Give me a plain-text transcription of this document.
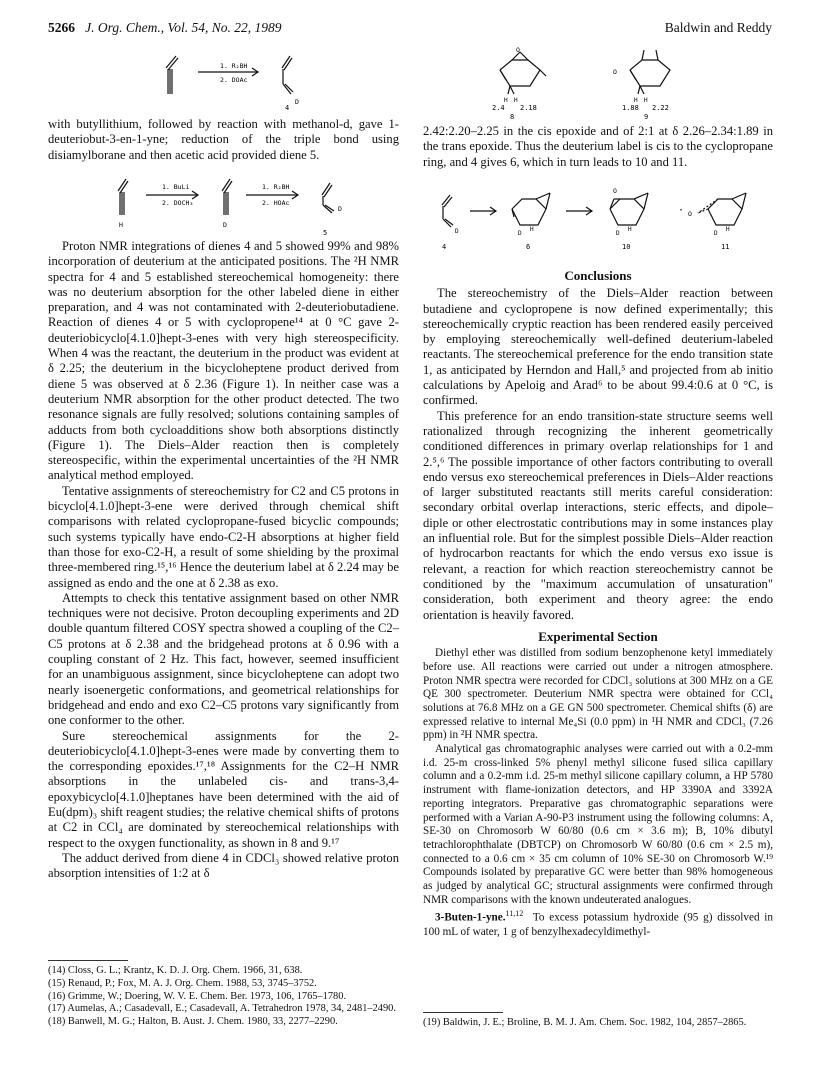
5266 J. Org. Chem., Vol. 54, No. 22, 1989	Baldwin and Reddy
1. R₂BH
2. DOAc
D
4

with butyllithium, followed by reaction with methanol-d, gave 1-deuteriobut-3-en-1-yne; reduction of the triple bond using disiamylborane and then acetic acid provided diene 5.

1. BuLi
2. DOCH₃
1. R₂BH
2. HOAc
H	D
D
5

Proton NMR integrations of dienes 4 and 5 showed 99% and 98% incorporation of deuterium at the anticipated positions. The ²H NMR spectra for 4 and 5 established stereochemical homogeneity: there was no deuterium absorption for the other labeled diene in either preparation, and 4 was not contaminated with 2-deuteriobutadiene. Reaction of dienes 4 or 5 with cyclopropene¹⁴ at 0 °C gave 2-deuteriobicyclo[4.1.0]hept-3-enes with very high stereospecificity. When 4 was the reactant, the deuterium in the product was evident at δ 2.25; the deuterium in the bicycloheptene product derived from diene 5 was observed at δ 2.36 (Figure 1). In neither case was a deuterium NMR absorption for the other product detected. The two resonance signals are fully resolved; solutions containing samples of adducts from both cycloadditions show both absorptions distinctly (Figure 1). The Diels–Alder reaction then is completely stereospecific, within the experimental uncertainties of the ²H NMR analytical method employed.

Tentative assignments of stereochemistry for C2 and C5 protons in bicyclo[4.1.0]hept-3-ene were derived through chemical shift comparisons with related cyclopropane-fused bicyclic compounds; such systems typically have endo-C2-H absorptions at higher field than those for exo-C2-H, a result of some shielding by the proximal three-membered ring.¹⁵,¹⁶ Hence the deuterium label at δ 2.24 may be assigned as endo and the one at δ 2.38 as exo.

Attempts to check this tentative assignment based on other NMR techniques were not decisive. Proton decoupling experiments and 2D double quantum filtered COSY spectra showed a coupling of the C2–C5 protons at δ 2.38 and the bridgehead protons at δ 0.96 with a coupling constant of 2 Hz. This fact, however, seemed insufficient for an unambiguous assignment, since bicycloheptene can adopt two nearly isoenergetic conformations, and geometrical relationships for bridgehead and endo and exo C2–C5 protons vary significantly from one conformer to the other.

Sure stereochemical assignments for the 2-deuteriobicyclo[4.1.0]hept-3-enes were made by converting them to the corresponding epoxides.¹⁷,¹⁸ Assignments for the C2–H NMR absorptions in the unlabeled cis- and trans-3,4-epoxybicyclo[4.1.0]heptanes have been determined with the aid of Eu(dpm)₃ shift reagent studies; the relative chemical shifts of protons at C2 in CCl₄ are dominated by stereochemical relationships with respect to the oxygen functionality, as shown in 8 and 9.¹⁷

The adduct derived from diene 4 in CDCl₃ showed relative proton absorption intensities of 1:2 at δ

(14) Closs, G. L.; Krantz, K. D. J. Org. Chem. 1966, 31, 638.
(15) Renaud, P.; Fox, M. A. J. Org. Chem. 1988, 53, 3745–3752.
(16) Grimme, W.; Doering, W. V. E. Chem. Ber. 1973, 106, 1765–1780.
(17) Aumelas, A.; Casadevall, E.; Casadevall, A. Tetrahedron 1978, 34, 2481–2490.
(18) Banwell, M. G.; Halton, B. Aust. J. Chem. 1980, 33, 2277–2290.
O
O
H H	H H
2.4 2.18	1.88 2.22
8	9

2.42:2.20–2.25 in the cis epoxide and of 2:1 at δ 2.26–2.34:1.89 in the trans epoxide. Thus the deuterium label is cis to the cyclopropane ring, and 4 gives 6, which in turn leads to 10 and 11.

·
O
O
D	D
H
D
H
D
H
4	6	10	11
Conclusions

The stereochemistry of the Diels–Alder reaction between butadiene and cyclopropene is now defined experimentally; this stereochemically cryptic reaction has been rendered easily perceived by employing stereochemically well-defined deuterium-labeled reactants. The stereochemical preference for the endo transition state 1, as anticipated by Herndon and Hall,⁵ and projected from ab initio calculations by Apeloig and Arad⁶ to be about 99.4:0.6 at 0 °C, is confirmed.

This preference for an endo transition-state structure seems well rationalized through recognizing the inherent geometrically conditioned differences in primary overlap relationships for 1 and 2.⁵,⁶ The possible importance of other factors contributing to overall endo versus exo stereochemical preferences in Diels–Alder reactions of larger substituted reactants still merits careful consideration: secondary orbital overlap interactions, steric effects, and dipole–diple or other electrostatic contributions may in some instances play an influential role. But for the simplest possible Diels–Alder reaction of hydrocarbon reactants for which the endo versus exo issue is relevant, a reaction for which reaction stereochemistry cannot be conditioned by the "maximum accumulation of unsaturation" consideration, both experiment and theory agree: the endo orientation is heavily favored.

Experimental Section

Diethyl ether was distilled from sodium benzophenone ketyl immediately before use. All reactions were carried out under a nitrogen atmosphere. Proton NMR spectra were recorded for CDCl₃ solutions at 300 MHz on a GE QE 300 spectrometer. Deuterium NMR spectra were obtained for CCl₄ solutions at 76.8 MHz on a GE GN 500 spectrometer. Chemical shifts (δ) are expressed relative to internal Me₄Si (0.0 ppm) in ¹H NMR and CDCl₃ (7.26 ppm) in ²H NMR spectra.

Analytical gas chromatographic analyses were carried out with a 0.2-mm i.d. 25-m cross-linked 5% phenyl methyl silicone fused silica capillary column and a 0.2-mm i.d. 25-m methyl silicone capillary column, a HP 5780 instrument with flame-ionization detectors, and HP 3390A and 3392A reporting integrators. Preparative gas chromatographic separations were performed with a Varian A-90-P3 instrument using the following columns: A, SE-30 on Chromosorb W 60/80 (0.6 cm × 3.6 m); B, 10% dibutyl tetrachlorophthalate (DBTCP) on Chromosorb W 60/80 (0.6 cm × 2.5 m), connected to a 0.6 cm × 35 cm column of 10% SE-30 on Chromosorb W.¹⁹ Compounds isolated by preparative GC were better than 98% homogeneous as judged by analytical GC; structural assignments were confirmed through NMR comparisons with the known undeuterated analogues.

3-Buten-1-yne.$^{11,12}$ To excess potassium hydroxide (95 g) dissolved in 100 mL of water, 1 g of benzylhexadecyldimethyl-

(19) Baldwin, J. E.; Broline, B. M. J. Am. Chem. Soc. 1982, 104, 2857–2865.
